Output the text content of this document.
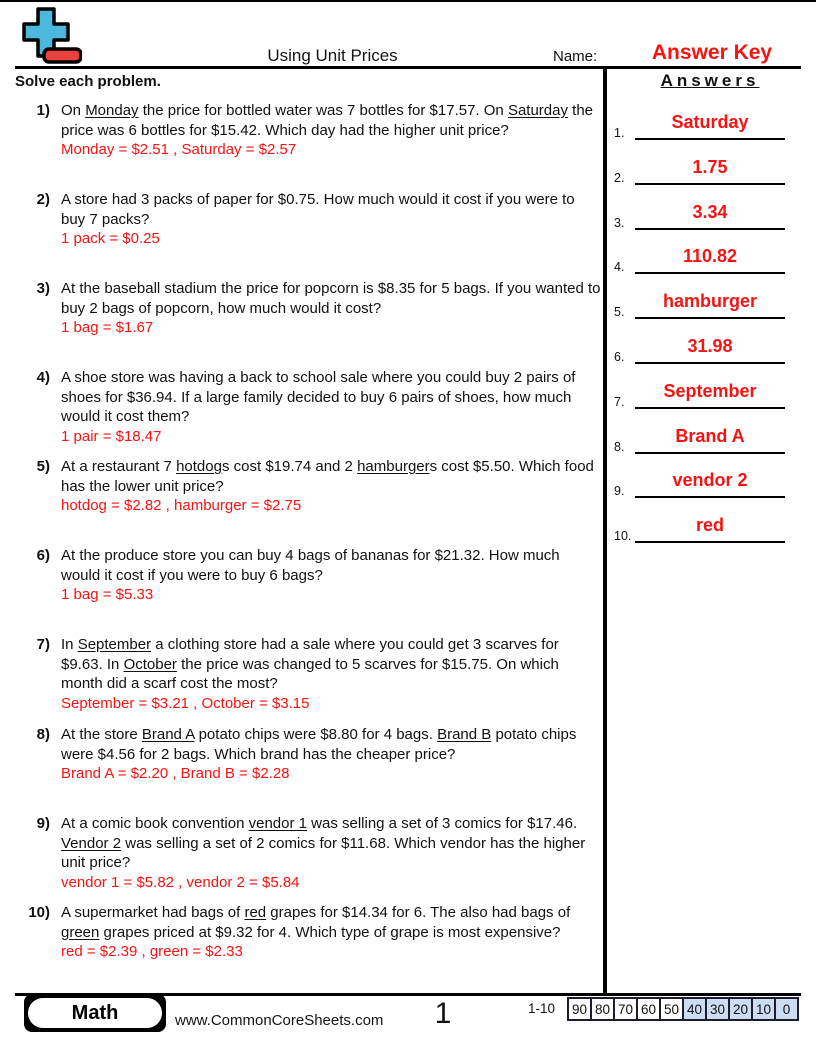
Using Unit Prices	Name:	Answer Key
Solve each problem.
1) On Monday the price for bottled water was 7 bottles for $17.57. On Saturday the price was 6 bottles for $15.42. Which day had the higher unit price?
Monday = $2.51 , Saturday = $2.57
2) A store had 3 packs of paper for $0.75. How much would it cost if you were to buy 7 packs?
1 pack = $0.25
3) At the baseball stadium the price for popcorn is $8.35 for 5 bags. If you wanted to buy 2 bags of popcorn, how much would it cost?
1 bag = $1.67
4) A shoe store was having a back to school sale where you could buy 2 pairs of shoes for $36.94. If a large family decided to buy 6 pairs of shoes, how much would it cost them?
1 pair = $18.47
5) At a restaurant 7 hotdogs cost $19.74 and 2 hamburgers cost $5.50. Which food has the lower unit price?
hotdog = $2.82 , hamburger = $2.75
6) At the produce store you can buy 4 bags of bananas for $21.32. How much would it cost if you were to buy 6 bags?
1 bag = $5.33
7) In September a clothing store had a sale where you could get 3 scarves for $9.63. In October the price was changed to 5 scarves for $15.75. On which month did a scarf cost the most?
September = $3.21 , October = $3.15
8) At the store Brand A potato chips were $8.80 for 4 bags. Brand B potato chips were $4.56 for 2 bags. Which brand has the cheaper price?
Brand A = $2.20 , Brand B = $2.28
9) At a comic book convention vendor 1 was selling a set of 3 comics for $17.46. Vendor 2 was selling a set of 2 comics for $11.68. Which vendor has the higher unit price?
vendor 1 = $5.82 , vendor 2 = $5.84
10) A supermarket had bags of red grapes for $14.34 for 6. The also had bags of green grapes priced at $9.32 for 4. Which type of grape is most expensive?
red = $2.39 , green = $2.33
Answers
1.
Saturday
2.
1.75
3.
3.34
4.
110.82
5.
hamburger
6.
31.98
7.
September
8.
Brand A
9.
vendor 2
10.
red
Math	www.CommonCoreSheets.com	1	1-10 90 80 70 60 50 40 30 20 10 0
